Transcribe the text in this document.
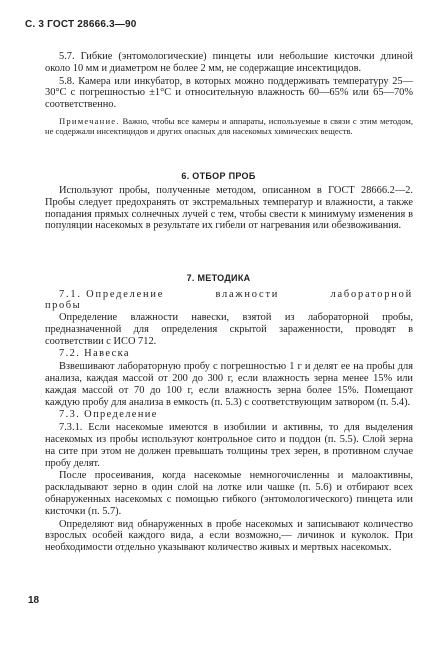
С. 3 ГОСТ 28666.3—90

5.7. Гибкие (энтомологические) пинцеты или небольшие кисточки длиной около 10 мм и диаметром не более 2 мм, не содержащие инсектицидов.

5.8. Камера или инкубатор, в которых можно поддерживать температуру 25—30°С с погрешностью ±1°С и относительную влажность 60—65% или 65—70% соответственно.

Примечание. Важно, чтобы все камеры и аппараты, используемые в связи с этим методом, не содержали инсектицидов и других опасных для насекомых химических веществ.

6. ОТБОР ПРОБ

Используют пробы, полученные методом, описанном в ГОСТ 28666.2—2. Пробы следует предохранять от экстремальных температур и влажности, а также попадания прямых солнечных лучей с тем, чтобы свести к минимуму изменения в популяции насекомых в результате их гибели от нагревания или обезвоживания.

7. МЕТОДИКА
7.1. Определение	влажности	лабораторной
пробы

Определение влажности навески, взятой из лабораторной пробы, предназначенной для определения скрытой зараженности, проводят в соответствии с ИСО 712.

7.2. Навеска

Взвешивают лабораторную пробу с погрешностью 1 г и делят ее на пробы для анализа, каждая массой от 200 до 300 г, если влажность зерна менее 15% или каждая массой от 70 до 100 г, если влажность зерна более 15%. Помещают каждую пробу для анализа в емкость (п. 5.3) с соответствующим затвором (п. 5.4).

7.3. Определение

7.3.1. Если насекомые имеются в изобилии и активны, то для выделения насекомых из пробы используют контрольное сито и поддон (п. 5.5). Слой зерна на сите при этом не должен превышать толщины трех зерен, в противном случае пробу делят.

После просеивания, когда насекомые немногочисленны и малоактивны, раскладывают зерно в один слой на лотке или чашке (п. 5.6) и отбирают всех обнаруженных насекомых с помощью гибкого (энтомологического) пинцета или кисточки (п. 5.7).

Определяют вид обнаруженных в пробе насекомых и записывают количество взрослых особей каждого вида, а если возможно,— личинок и куколок. При необходимости отдельно указывают количество живых и мертвых насекомых.

18
